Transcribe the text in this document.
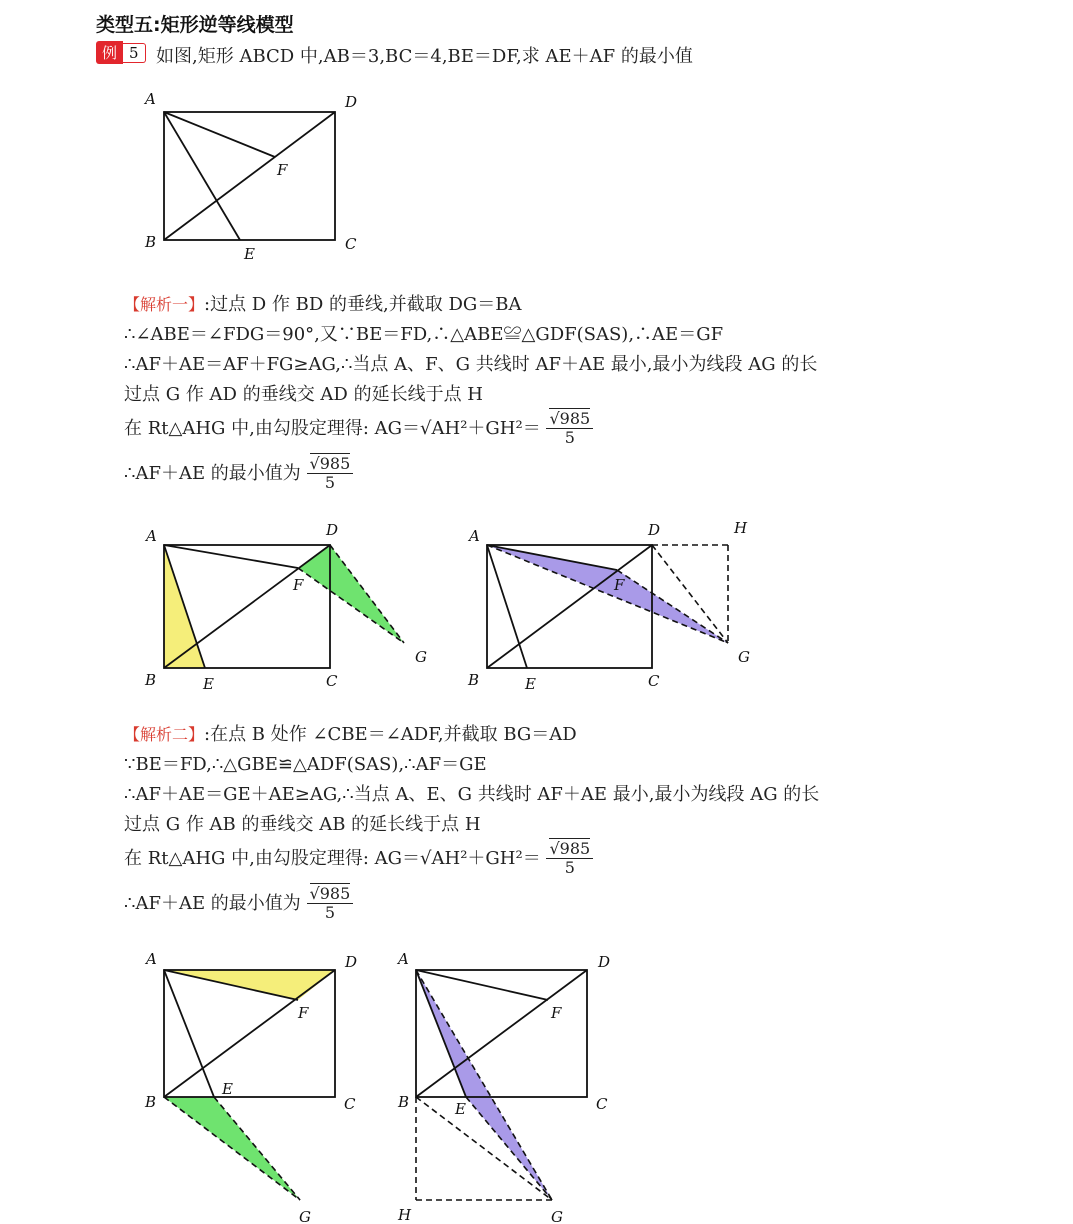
类型五:矩形逆等线模型
例 5 如图,矩形 ABCD 中,AB＝3,BC＝4,BE＝DF,求 AE＋AF 的最小值
A	D
B	C
E
F
【解析一】:过点 D 作 BD 的垂线,并截取 DG＝BA
∴∠ABE＝∠FDG＝90°,又∵BE＝FD,∴△ABE≌△GDF(SAS),∴AE＝GF
∴AF＋AE＝AF＋FG≥AG,∴当点 A、F、G 共线时 AF＋AE 最小,最小为线段 AG 的长
过点 G 作 AD 的垂线交 AD 的延长线于点 H
在 Rt△AHG 中,由勾股定理得: $AG=√AH^2+GH^2= \frac{√985}{5}$
∴AF＋AE 的最小值为 $\frac{√985}{5}$
A	D
F
G
B	E	C
A	D	H
F
G
B	E	C
【解析二】:在点 B 处作 ∠CBE＝∠ADF,并截取 BG＝AD
∵BE＝FD,∴△GBE≌△ADF(SAS),∴AF＝GE
∴AF＋AE＝GE＋AE≥AG,∴当点 A、E、G 共线时 AF＋AE 最小,最小为线段 AG 的长
过点 G 作 AB 的垂线交 AB 的延长线于点 H
在 Rt△AHG 中,由勾股定理得: $AG=√AH^2+GH^2= \frac{√985}{5}$
∴AF＋AE 的最小值为 $\frac{√985}{5}$
A	D
F
B
E
C
G
A	D
F
B	E	C
H	G
